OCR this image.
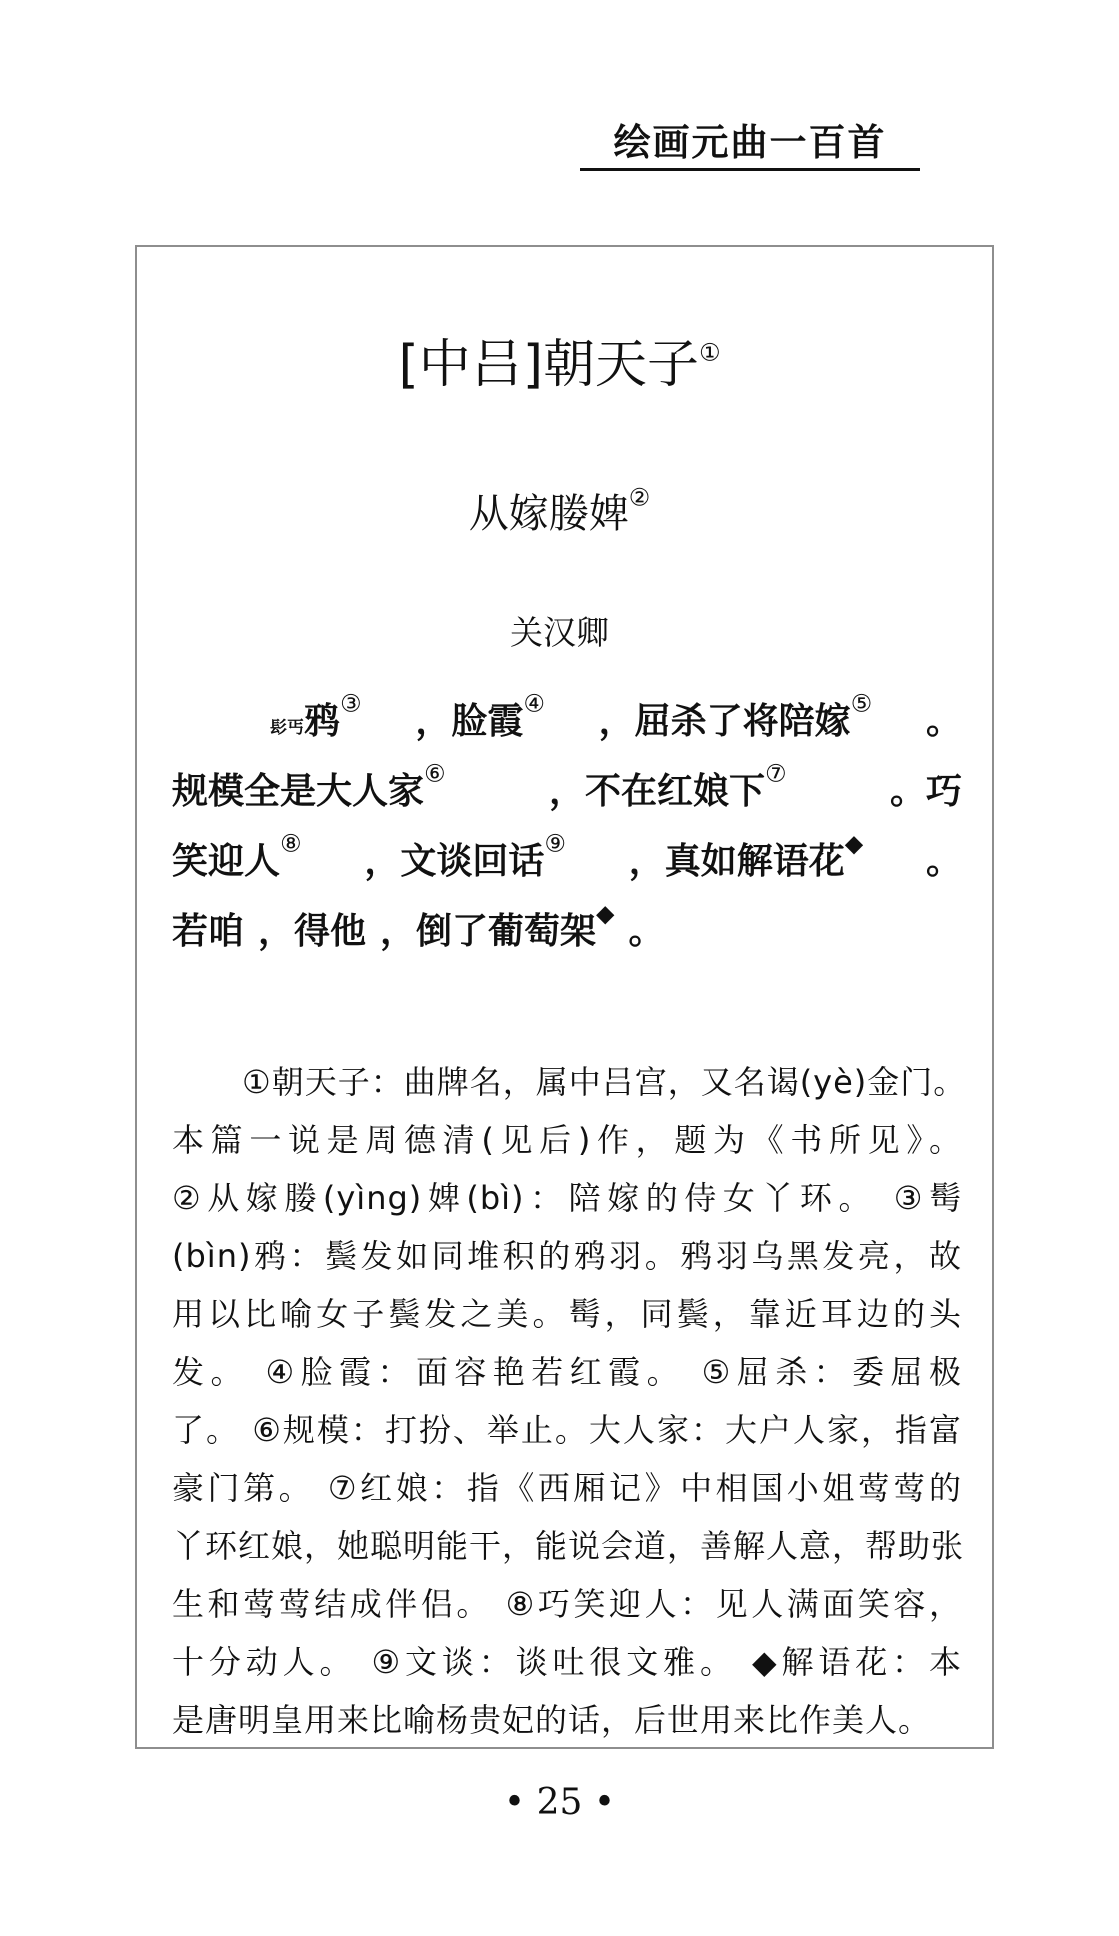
绘画元曲一百首
[中吕]朝天子①
从嫁媵婢②
关汉卿
髟丐鸦③ ，脸霞④ ，屈杀了将陪嫁⑤ 。
规模全是大人家⑥	，不在红娘下⑦	。巧
笑迎人⑧ ，文谈回话⑨ ，真如解语花◆ 。
若咱 ，得他 ，倒了葡萄架◆ 。
①朝天子：曲牌名，属中吕宫，又名谒(yè)金门。
本篇一说是周德清(见后)作，题为《书所见》。
②从嫁媵(yìng)婢(bì)：陪嫁的侍女丫环。 ③髩
(bìn)鸦：鬓发如同堆积的鸦羽。鸦羽乌黑发亮，故
用以比喻女子鬓发之美。髩，同鬓，靠近耳边的头
发。 ④脸霞：面容艳若红霞。 ⑤屈杀：委屈极
了。 ⑥规模：打扮、举止。大人家：大户人家，指富
豪门第。 ⑦红娘：指《西厢记》中相国小姐莺莺的
丫环红娘，她聪明能干，能说会道，善解人意，帮助张
生和莺莺结成伴侣。 ⑧巧笑迎人：见人满面笑容，
十分动人。 ⑨文谈：谈吐很文雅。 ◆解语花：本
是唐明皇用来比喻杨贵妃的话，后世用来比作美人。
• 25 •
